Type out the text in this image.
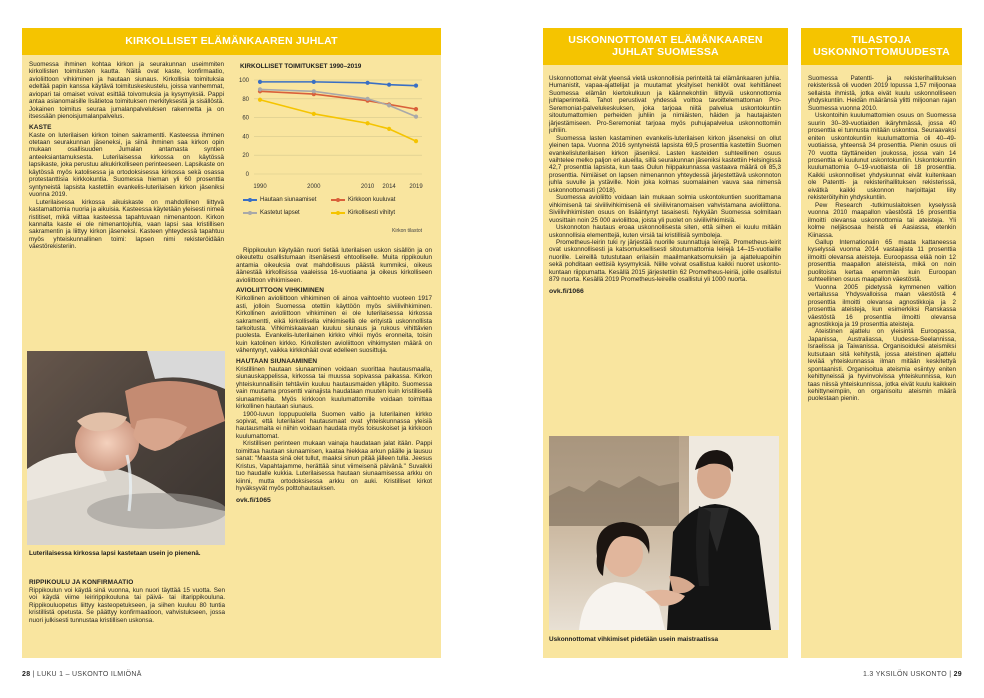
KIRKOLLISET ELÄMÄNKAAREN JUHLAT

Suomessa ihminen kohtaa kirkon ja seurakunnan useimmiten kirkollisten toimitusten kautta. Näitä ovat kaste, konfirmaatio, avioliittoon vihkiminen ja hautaan siunaus. Kirkollisia toimituksia edeltää papin kanssa käytävä toimituskeskustelu, joissa vanhemmat, aviopari tai omaiset voivat esittää toivomuksia ja kysymyksiä. Pappi antaa asianomaisille lisätietoa toimituksen merkityksestä ja sisällöstä. Jokainen toimitus seuraa jumalanpalveluksen rakennetta ja on itsessään pienoisjumalanpalvelus.

KASTE

Kaste on luterilaisen kirkon toinen sakramentti. Kasteessa ihminen otetaan seurakunnan jäseneksi, ja siinä ihminen saa kirkon opin mukaan osallisuuden Jumalan antamasta syntien anteeksiantamuksesta. Luterilaisessa kirkossa on käytössä lapsikaste, joka perustuu alkukirkolliseen perinteeseen. Lapsikaste on käytössä myös katolisessa ja ortodoksisessa kirkossa sekä osassa protestanttisia kirkkokuntia. Suomessa hieman yli 60 prosenttia syntyneistä lapsista kastettiin evankelis-luterilaisen kirkon jäseniksi vuonna 2019.

Luterilaisessa kirkossa aikuiskaste on mahdollinen liittyvä kastamattomia nuoria ja aikuisia. Kasteessa käytetään yleisesti nimeä ristitiset, mikä viittaa kasteessa tapahtuvaan nimenantoon. Kirkon kannalta kaste ei ole nimenantojuhla, vaan lapsi saa kristillisen sakramentin ja liittyy kirkon jäseneksi. Kasteen yhteydessä tapahtuu myös yhteiskunnallinen toimi: lapsen nimi rekisteröidään väestörekisteriin.

Luterilaisessa kirkossa lapsi kastetaan usein jo pienenä.
RIPPIKOULU JA KONFIRMAATIO

Rippikoulun voi käydä sinä vuonna, kun nuori täyttää 15 vuotta. Sen voi käydä viime leiririppikouluna tai päivä- tai iltarippikouluna. Rippikouluopetus liittyy kasteopetukseen, ja siihen kuuluu 80 tuntia kristillistä opetusta. Se päättyy konfirmaatioon, vahvistukseen, jossa nuori julkisesti tunnustaa kristillisen uskonsa.

KIRKOLLISET TOIMITUKSET 1990–2019
0
20
40
60
80
100
1990	2000	2010 2014 2019
Hautaan siunaamiset	Kirkkoon kuuluvat
Kastetut lapset	Kirkollisesti vihityt
Kirkon tilastot

Rippikoulun käytyään nuori tietää luterilaisen uskon sisällön ja on oikeutettu osallistumaan itsenäisesti ehtoolliselle. Muita rippikoulun antamia oikeuksia ovat mahdollisuus päästä kummiksi, oikeus äänestää kirkollisissa vaaleissa 16-vuotiaana ja oikeus kirkolliseen avioliittoon vihkimiseen.

AVIOLIITTOON VIHKIMINEN

Kirkollinen avioliittoon vihkiminen oli ainoa vaihtoehto vuoteen 1917 asti, jolloin Suomessa otettiin käyttöön myös siviilivihkiminen. Kirkollinen avioliittoon vihkiminen ei ole luterilaisessa kirkossa sakramentti, eikä kirkollisella vihkimisellä ole erityistä uskonnollista tarkoitusta. Vihkimiskaavaan kuuluu siunaus ja rukous vihittävien puolesta. Evankelis-luterilainen kirkko vihkii myös eronneita, toisin kuin katolinen kirkko. Kirkollisten avioliittoon vihkimysten määrä on vähentynyt, vaikka kirkkohäät ovat edelleen suosittuja.

HAUTAAN SIUNAAMINEN

Kristillinen hautaan siunaaminen voidaan suorittaa hautausmaalla, siunauskappelissa, kirkossa tai muussa sopivassa paikassa. Kirkon yhteiskunnallisiin tehtäviin kuuluu hautausmaiden ylläpito. Suomessa vain muutama prosentti vainajista haudataan muuten kuin kristillisellä siunaamisella. Myös kirkkoon kuulumattomille voidaan toimittaa kirkollinen hautaan siunaus.

1900-luvun loppupuolella Suomen valtio ja luterilainen kirkko sopivat, että luterilaiset hautausmaat ovat yhteiskunnassa yleisiä hautausmaita ei niihin voidaan haudata myös toisuskoiset ja kirkkoon kuulumattomat.

Kristillisen perinteen mukaan vainaja haudataan jalat itään. Pappi toimittaa hautaan siunaamisen, kaataa hiekkaa arkun päälle ja lausuu sanat: "Maasta sinä olet tullut, maaksi sinun pitää jälleen tulla. Jeesus Kristus, Vapahtajamme, herättää sinut viimeisenä päivänä." Suvaikki tuo haudalle kukkia. Luterilaisessa hautaan siunaamisessa arkku on kiinni, mutta ortodoksisessa arkku on auki. Kristilliset kirkot hyväksyvät myös polttohautauksen.

ovk.fi/1065

28 | LUKU 1 – USKONTO ILMIÖNÄ
USKONNOTTOMAT ELÄMÄNKAAREN JUHLAT SUOMESSA

Uskonnottomat eivät yleensä vietä uskonnollisia perinteitä tai elämänkaaren juhlia. Humanistit, vapaa-ajattelijat ja muutamat yksityiset henkilöt ovat kehittäneet Suomessa elämän kiertokulkuun ja käännekohtiin liittyviä uskonnottomia juhlaperinteitä. Tahot perustivat yhdessä voittoa tavoittelemattoman Pro-Seremoniat-palvelukeskuksen, joka tarjoaa niitä palvelua uskontokuntiin sitoutumattomien perheiden juhliin ja nimiäisten, häiden ja hautajaisten järjestämiseen. Pro-Seremoniat tarjoaa myös puhujapalvelua uskonnottomiin juhliin.

Suomessa lasten kastaminen evankelis-luterilaisen kirkon jäseneksi on ollut yleinen tapa. Vuonna 2016 syntyneistä lapsista 69,5 prosenttia kastettiin Suomen evankelisluterilaisen kirkon jäseniksi. Lasten kasteiden suhteellinen osuus vaihtelee melko paljon eri alueilla, sillä seurakunnan jäseniksi kastettiin Helsingissä 42,7 prosenttia lapsista, kun taas Oulun hiippakunnassa vastaava määrä oli 85,3 prosenttia. Nimiäiset on lapsen nimenannon yhteydessä järjestettävä uskonnoton juhla suvulle ja ystäville. Noin joka kolmas suomalainen vauva saa nimensä uskonnottomasti (2018).

Suomessa avioliitto voidaan lain mukaan solmia uskontokuntien suorittamana vihkimisenä tai siviilivihkimisenä eli siviiliviranomaisen vahvistamana avioliittona. Siviilivihkimisten osuus on lisääntynyt tasaisesti. Nykyään Suomessa solmitaan vuosittain noin 25 000 avioliittoa, joista yli puolet on siviilivihkimisiä.

Uskonnoton hautaus eroaa uskonnollisesta siten, että siihen ei kuulu mitään uskonnollisia elementtejä, kuten virsiä tai kristillisiä symboleja.

Prometheus-leirin tuki ry järjestää nuorille suunnattuja leirejä. Prometheus-leirit ovat uskonnollisesti ja katsomuksellisesti sitoutumattomia leirejä 14–15-vuotiaille nuorille. Leireillä tutustutaan erilaisiin maailmankatsomuksiin ja ajatteluapoihin sekä pohditaan eettisiä kysymyksiä. Niille voivat osallistua kaikki nuoret uskontokuntaan riippumatta. Kesällä 2015 järjestettiin 62 Prometheus-leiriä, joille osallistui 879 nuorta. Kesällä 2019 Prometheus-leireille osallistui yli 1000 nuorta.

ovk.fi/1066

Uskonnottomat vihkimiset pidetään usein maistraatissa
TILASTOJA USKONNOTTOMUUDESTA

Suomessa Patentti- ja rekisterihallituksen rekisterissä oli vuoden 2019 lopussa 1,57 miljoonaa sellaista ihmistä, jotka eivät kuulu uskonnolliseen yhdyskuntiin. Heidän määränsä ylitti miljoonan rajan Suomessa vuonna 2010.

Uskontoihin kuulumattomien osuus on Suomessa suurin 30–39-vuotiaiden ikäryhmässä, jossa 40 prosenttia ei tunnusta mitään uskontoa. Seuraavaksi eniten uskontokuntiin kuulumattomia oli 40–49-vuotiaissa, yhteensä 34 prosenttia. Pienin osuus oli 70 vuotta täyttäneiden joukossa, jossa vain 14 prosenttia ei kuulunut uskontokuntiin. Uskontokuntiin kuulumattomia 0–19-vuotiaista oli 18 prosenttia. Kaikki uskonnolliset yhdyskunnat eivät kuitenkaan ole Patentti- ja rekisterihallituksen rekisterissä, eivätkä kaikki uskonnon harjoittajat liity rekisteröityihin yhdyskuntiin.

Pew Research -tutkimuslaitoksen kyselyssä vuonna 2010 maapallon väestöstä 16 prosenttia ilmoitti olevansa uskonnottomia tai ateisteja. Yli kolme neljäsosaa heistä eli Aasiassa, etenkin Kiinassa.

Gallup Internationalin 65 maata kattaneessa kyselyssä vuonna 2014 vastaajista 11 prosenttia ilmoitti olevansa ateisteja. Euroopassa elää noin 12 prosenttia maapallon ateisteista, mikä on noin puolitoista kertaa enemmän kuin Euroopan suhteellinen osuus maapallon väestöstä.

Vuonna 2005 pidetyssä kymmenen valtion vertailussa Yhdysvalloissa maan väestöstä 4 prosenttia ilmoitti olevansa agnostikkoja ja 2 prosenttia ateisteja, kun esimerkiksi Ranskassa väestöstä 16 prosenttia ilmoitti olevansa agnostikkoja ja 19 prosenttia ateisteja.

Ateistinen ajattelu on yleisintä Euroopassa, Japanissa, Australiassa, Uudessa-Seelannissa, Israelissa ja Taiwanissa. Organisoiduksi ateismiksi kutsutaan sitä kehitystä, jossa ateistinen ajattelu leviää yhteiskunnassa ilman mitään keskitettyä spontaanisti. Organisoitua ateismia esiintyy eniten kehittyneissä ja hyvinvoivissa yhteiskunnissa, kun taas niissä yhteiskunnissa, jotka eivät kuulu kaikkein kehittyneimpiin, on organisoitu ateismin määrä puolestaan pienin.

1.3 YKSILÖN USKONTO | 29
